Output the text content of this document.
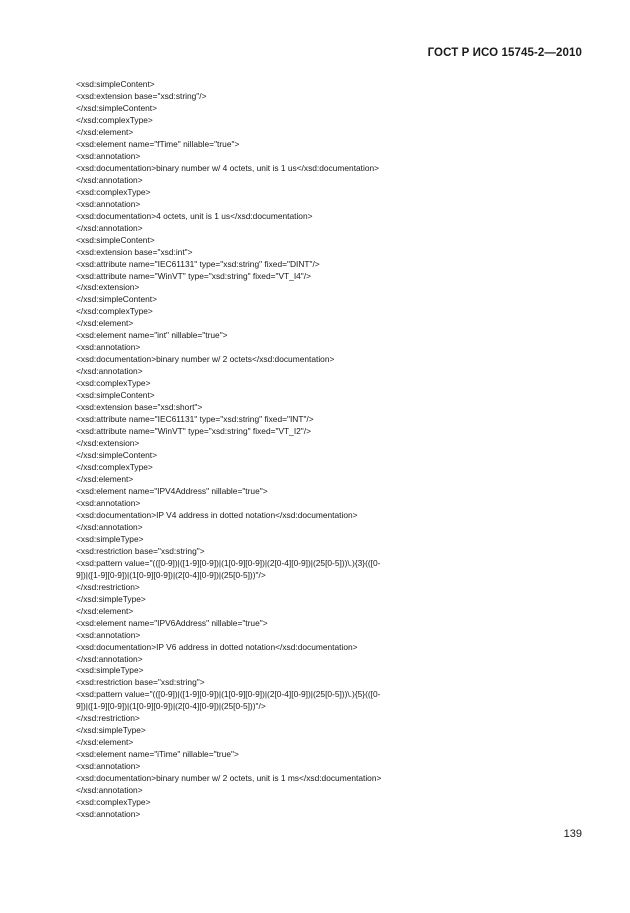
ГОСТ Р ИСО 15745-2—2010
<xsd:simpleContent>
<xsd:extension base="xsd:string"/>
</xsd:simpleContent>
</xsd:complexType>
</xsd:element>
<xsd:element name="fTime" nillable="true">
<xsd:annotation>
<xsd:documentation>binary number w/ 4 octets, unit is 1 us</xsd:documentation>
</xsd:annotation>
<xsd:complexType>
<xsd:annotation>
<xsd:documentation>4 octets, unit is 1 us</xsd:documentation>
</xsd:annotation>
<xsd:simpleContent>
<xsd:extension base="xsd:int">
<xsd:attribute name="IEC61131" type="xsd:string" fixed="DINT"/>
<xsd:attribute name="WinVT" type="xsd:string" fixed="VT_I4"/>
</xsd:extension>
</xsd:simpleContent>
</xsd:complexType>
</xsd:element>
<xsd:element name="int" nillable="true">
<xsd:annotation>
<xsd:documentation>binary number w/ 2 octets</xsd:documentation>
</xsd:annotation>
<xsd:complexType>
<xsd:simpleContent>
<xsd:extension base="xsd:short">
<xsd:attribute name="IEC61131" type="xsd:string" fixed="INT"/>
<xsd:attribute name="WinVT" type="xsd:string" fixed="VT_I2"/>
</xsd:extension>
</xsd:simpleContent>
</xsd:complexType>
</xsd:element>
<xsd:element name="IPV4Address" nillable="true">
<xsd:annotation>
<xsd:documentation>IP V4 address in dotted notation</xsd:documentation>
</xsd:annotation>
<xsd:simpleType>
<xsd:restriction base="xsd:string">
<xsd:pattern value="(([0-9])|([1-9][0-9])|(1[0-9][0-9])|(2[0-4][0-9])|(25[0-5]))\.){3}(([0-
9])|([1-9][0-9])|(1[0-9][0-9])|(2[0-4][0-9])|(25[0-5]))"/>
</xsd:restriction>
</xsd:simpleType>
</xsd:element>
<xsd:element name="IPV6Address" nillable="true">
<xsd:annotation>
<xsd:documentation>IP V6 address in dotted notation</xsd:documentation>
</xsd:annotation>
<xsd:simpleType>
<xsd:restriction base="xsd:string">
<xsd:pattern value="(([0-9])|([1-9][0-9])|(1[0-9][0-9])|(2[0-4][0-9])|(25[0-5]))\.){5}(([0-
9])|([1-9][0-9])|(1[0-9][0-9])|(2[0-4][0-9])|(25[0-5]))"/>
</xsd:restriction>
</xsd:simpleType>
</xsd:element>
<xsd:element name="iTime" nillable="true">
<xsd:annotation>
<xsd:documentation>binary number w/ 2 octets, unit is 1 ms</xsd:documentation>
</xsd:annotation>
<xsd:complexType>
<xsd:annotation>
139
